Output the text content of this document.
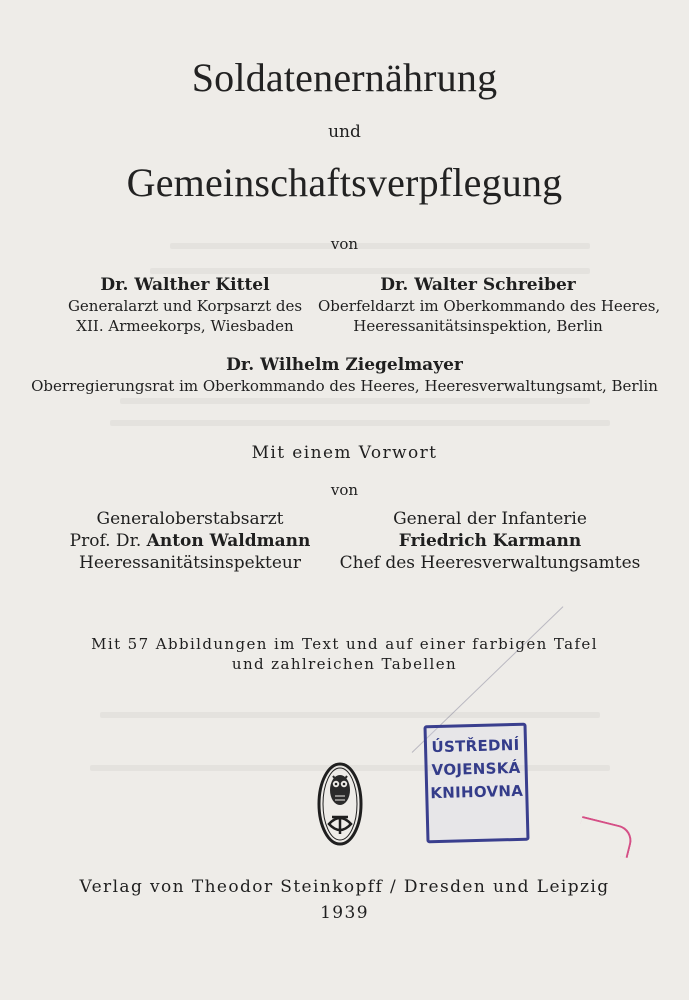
Soldatenernährung
und
Gemeinschaftsverpflegung
von
Dr. Walther Kittel
Generalarzt und Korpsarzt des
XII. Armeekorps, Wiesbaden
Dr. Walter Schreiber
Oberfeldarzt im Oberkommando des Heeres,
Heeressanitätsinspektion, Berlin
Dr. Wilhelm Ziegelmayer
Oberregierungsrat im Oberkommando des Heeres, Heeresverwaltungsamt, Berlin
Mit einem Vorwort
von
Generaloberstabsarzt
Prof. Dr. Anton Waldmann
Heeressanitätsinspekteur
General der Infanterie
Friedrich Karmann
Chef des Heeresverwaltungsamtes
Mit 57 Abbildungen im Text und auf einer farbigen Tafel
und zahlreichen Tabellen
ÚSTŘEDNÍ
VOJENSKÁ
KNIHOVNA
Verlag von Theodor Steinkopff / Dresden und Leipzig
1939
